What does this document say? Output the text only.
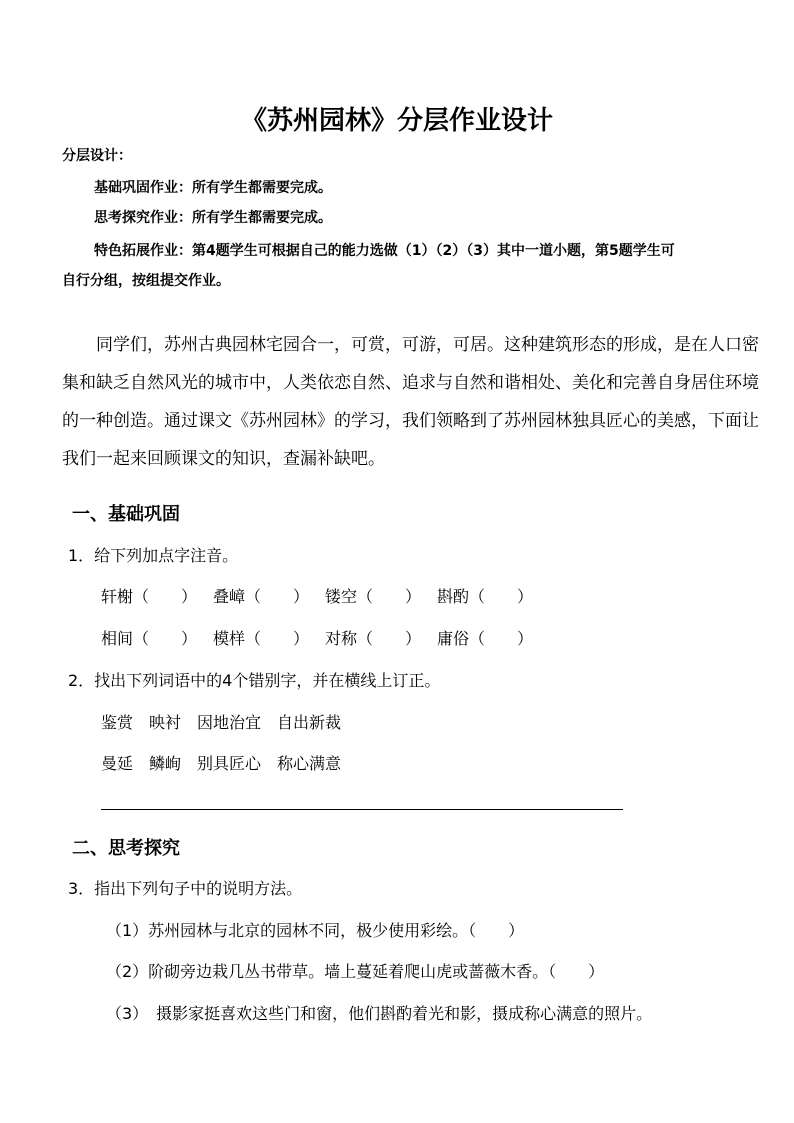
《苏州园林》分层作业设计
分层设计：
基础巩固作业：所有学生都需要完成。
思考探究作业：所有学生都需要完成。
特色拓展作业：第4题学生可根据自己的能力选做（1）（2）（3）其中一道小题，第5题学生可
自行分组，按组提交作业。
同学们，苏州古典园林宅园合一，可赏，可游，可居。这种建筑形态的形成，是在人口密集和缺乏自然风光的城市中，人类依恋自然、追求与自然和谐相处、美化和完善自身居住环境的一种创造。通过课文《苏州园林》的学习，我们领略到了苏州园林独具匠心的美感，下面让我们一起来回顾课文的知识，查漏补缺吧。
一、基础巩固
1．给下列加点字注音。
轩榭（　　） 叠嶂（　　） 镂空（　　） 斟酌（　　）
相间（　　） 模样（　　） 对称（　　） 庸俗（　　）
2．找出下列词语中的4个错别字，并在横线上订正。
鉴赏 映衬 因地治宜 自出新裁
曼延 鳞峋 别具匠心 称心满意
二、思考探究
3．指出下列句子中的说明方法。
（1）苏州园林与北京的园林不同，极少使用彩绘。（　　）
（2）阶砌旁边栽几丛书带草。墙上蔓延着爬山虎或蔷薇木香。（　　）
（3）　摄影家挺喜欢这些门和窗，他们斟酌着光和影，摄成称心满意的照片。
